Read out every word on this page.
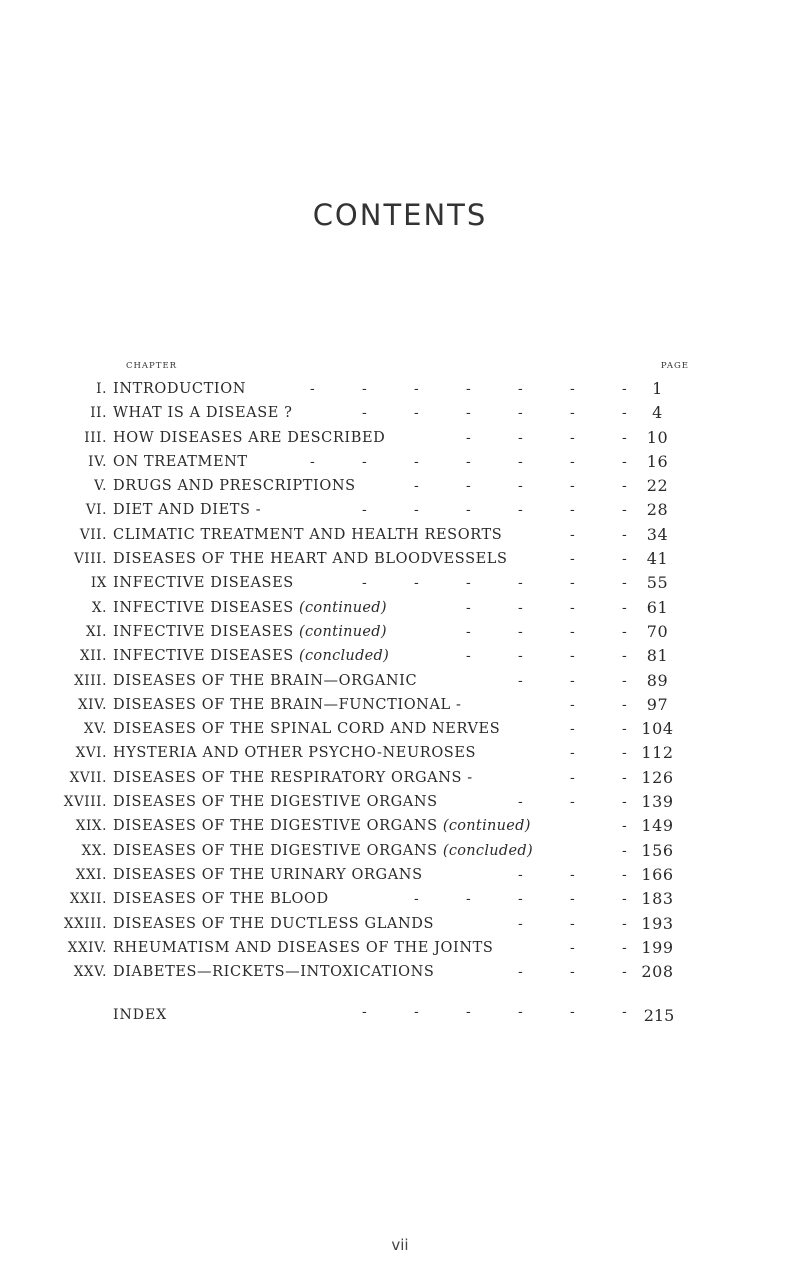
CONTENTS
CHAPTER	PAGE
I. INTRODUCTION	1
-
-
-
-
-
-
-
II. WHAT IS A DISEASE ?	4
-
-
-
-
-
-
III. HOW DISEASES ARE DESCRIBED	10
-
-
-
-
IV. ON TREATMENT	16
-
-
-
-
-
-
-
V. DRUGS AND PRESCRIPTIONS	22
-
-
-
-
-
VI. DIET AND DIETS -	28
-
-
-
-
-
-
VII. CLIMATIC TREATMENT AND HEALTH RESORTS	34
-
-
VIII. DISEASES OF THE HEART AND BLOODVESSELS	41
-
-
IX INFECTIVE DISEASES	55
-
-
-
-
-
-
X. INFECTIVE DISEASES (continued)	61
-
-
-
-
XI. INFECTIVE DISEASES (continued)	70
-
-
-
-
XII. INFECTIVE DISEASES (concluded)	81
-
-
-
-
XIII. DISEASES OF THE BRAIN—ORGANIC	89
-
-
-
XIV. DISEASES OF THE BRAIN—FUNCTIONAL -	97
-
-
XV. DISEASES OF THE SPINAL CORD AND NERVES	104
-
-
XVI. HYSTERIA AND OTHER PSYCHO-NEUROSES	112
-
-
XVII. DISEASES OF THE RESPIRATORY ORGANS -	126
-
-
XVIII. DISEASES OF THE DIGESTIVE ORGANS	139
-
-
-
XIX. DISEASES OF THE DIGESTIVE ORGANS (continued)	149
-
XX. DISEASES OF THE DIGESTIVE ORGANS (concluded)	156
-
XXI. DISEASES OF THE URINARY ORGANS	166
-
-
-
XXII. DISEASES OF THE BLOOD	183
-
-
-
-
-
XXIII. DISEASES OF THE DUCTLESS GLANDS	193
-
-
-
XXIV. RHEUMATISM AND DISEASES OF THE JOINTS	199
-
-
XXV. DIABETES—RICKETS—INTOXICATIONS	208
-
-
-
INDEX	215
vii
-
-
-
-
-
-
